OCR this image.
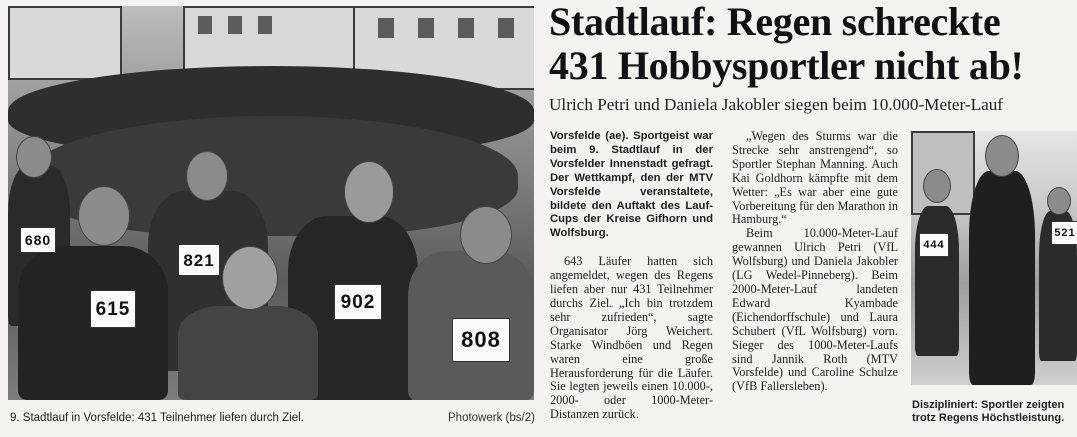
680
821
615	902
808
9. Stadtlauf in Vorsfelde: 431 Teilnehmer liefen durch Ziel.	Photowerk (bs/2)
Stadtlauf: Regen schreckte
431 Hobbysportler nicht ab!
Ulrich Petri und Daniela Jakobler siegen beim 10.000-Meter-Lauf

Vorsfelde (ae). Sportgeist war beim 9. Stadtlauf in der Vorsfelder Innenstadt gefragt. Der Wettkampf, den der MTV Vorsfelde veranstaltete, bildete den Auftakt des Lauf-Cups der Kreise Gifhorn und Wolfsburg.

643 Läufer hatten sich angemeldet, wegen des Regens liefen aber nur 431 Teilnehmer durchs Ziel. „Ich bin trotzdem sehr zufrieden“, sagte Organisator Jörg Weichert. Starke Windböen und Regen waren eine große Herausforderung für die Läufer. Sie legten jeweils einen 10.000-, 2000- oder 1000-Meter-Distanzen zurück.

„Wegen des Sturms war die Strecke sehr anstrengend“, so Sportler Stephan Manning. Auch Kai Goldhorn kämpfte mit dem Wetter: „Es war aber eine gute Vorbereitung für den Marathon in Hamburg.“

Beim 10.000-Meter-Lauf gewannen Ulrich Petri (VfL Wolfsburg) und Daniela Jakobler (LG Wedel-Pinneberg). Beim 2000-Meter-Lauf landeten Edward Kyambade (Eichendorffschule) und Laura Schubert (VfL Wolfsburg) vorn. Sieger des 1000-Meter-Laufs sind Jannik Roth (MTV Vorsfelde) und Caroline Schulze (VfB Fallersleben).

444
521
Diszipliniert: Sportler zeigten
trotz Regens Höchstleistung.
